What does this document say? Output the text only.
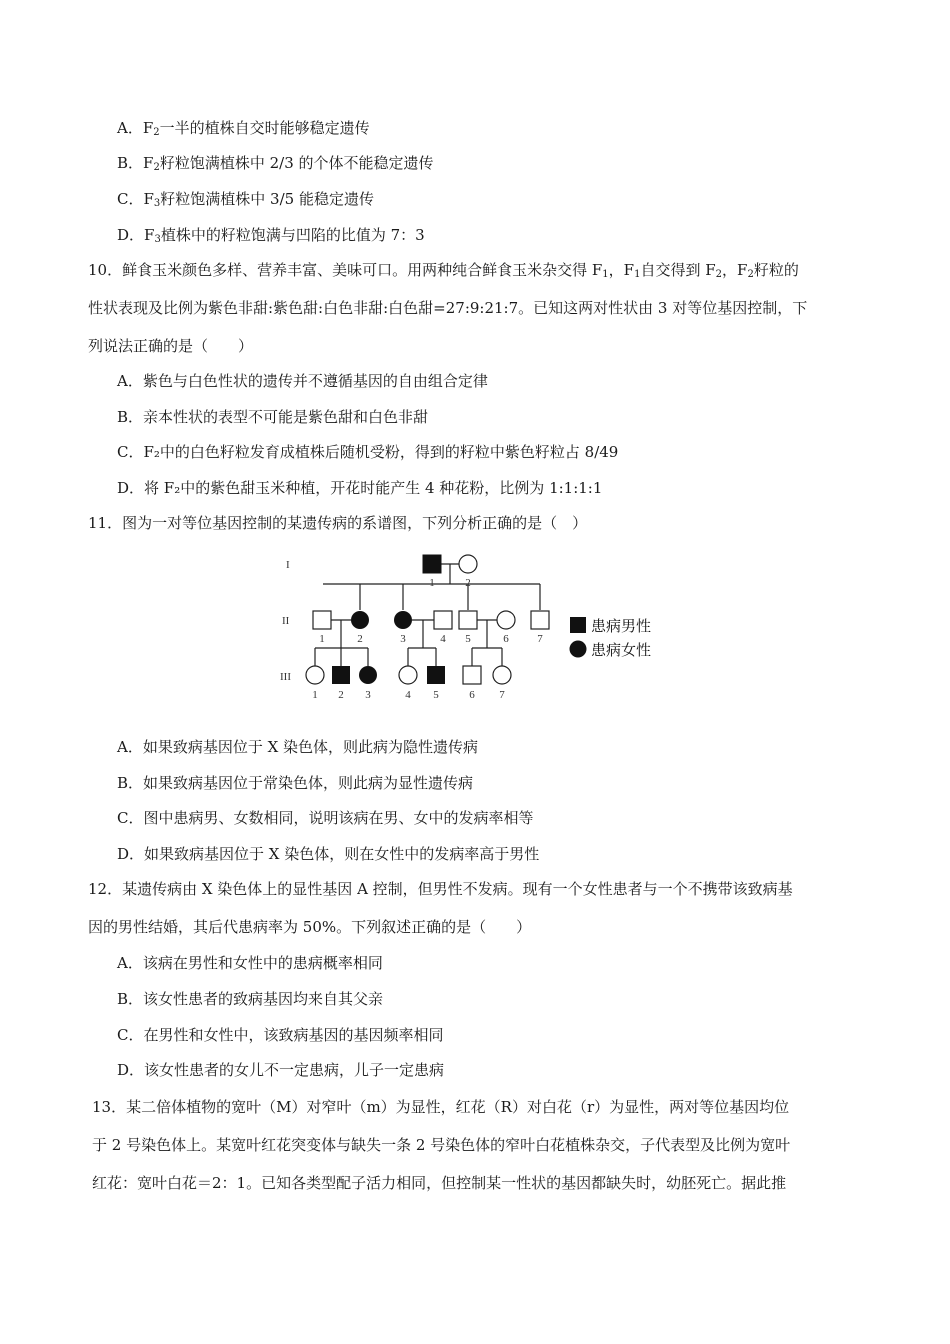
A．$F_2$一半的植株自交时能够稳定遗传
B．$F_2$籽粒饱满植株中 2/3 的个体不能稳定遗传
C．$F_3$籽粒饱满植株中 3/5 能稳定遗传
D．$F_3$植株中的籽粒饱满与凹陷的比值为 7：3
10．鲜食玉米颜色多样、营养丰富、美味可口。用两种纯合鲜食玉米杂交得 $F_1$，$F_1$自交得到 $F_2$，$F_2$籽粒的
性状表现及比例为紫色非甜:紫色甜:白色非甜:白色甜=27:9:21:7。已知这两对性状由 3 对等位基因控制，下
列说法正确的是（　　）
A．紫色与白色性状的遗传并不遵循基因的自由组合定律
B．亲本性状的表型不可能是紫色甜和白色非甜
C．F₂中的白色籽粒发育成植株后随机受粉，得到的籽粒中紫色籽粒占 8/49
D．将 F₂中的紫色甜玉米种植，开花时能产生 4 种花粉，比例为 1:1:1:1
11．图为一对等位基因控制的某遗传病的系谱图，下列分析正确的是（　）
I
II
III
1	2
1	2	3	4 5	6	7
1 2 3	4 5	6 7
患病男性
患病女性
A．如果致病基因位于 X 染色体，则此病为隐性遗传病
B．如果致病基因位于常染色体，则此病为显性遗传病
C．图中患病男、女数相同，说明该病在男、女中的发病率相等
D．如果致病基因位于 X 染色体，则在女性中的发病率高于男性
12．某遗传病由 X 染色体上的显性基因 A 控制，但男性不发病。现有一个女性患者与一个不携带该致病基
因的男性结婚，其后代患病率为 50%。下列叙述正确的是（　　）
A．该病在男性和女性中的患病概率相同
B．该女性患者的致病基因均来自其父亲
C．在男性和女性中，该致病基因的基因频率相同
D．该女性患者的女儿不一定患病，儿子一定患病
13．某二倍体植物的宽叶（M）对窄叶（m）为显性，红花（R）对白花（r）为显性，两对等位基因均位
于 2 号染色体上。某宽叶红花突变体与缺失一条 2 号染色体的窄叶白花植株杂交，子代表型及比例为宽叶
红花：宽叶白花＝2：1。已知各类型配子活力相同，但控制某一性状的基因都缺失时，幼胚死亡。据此推
